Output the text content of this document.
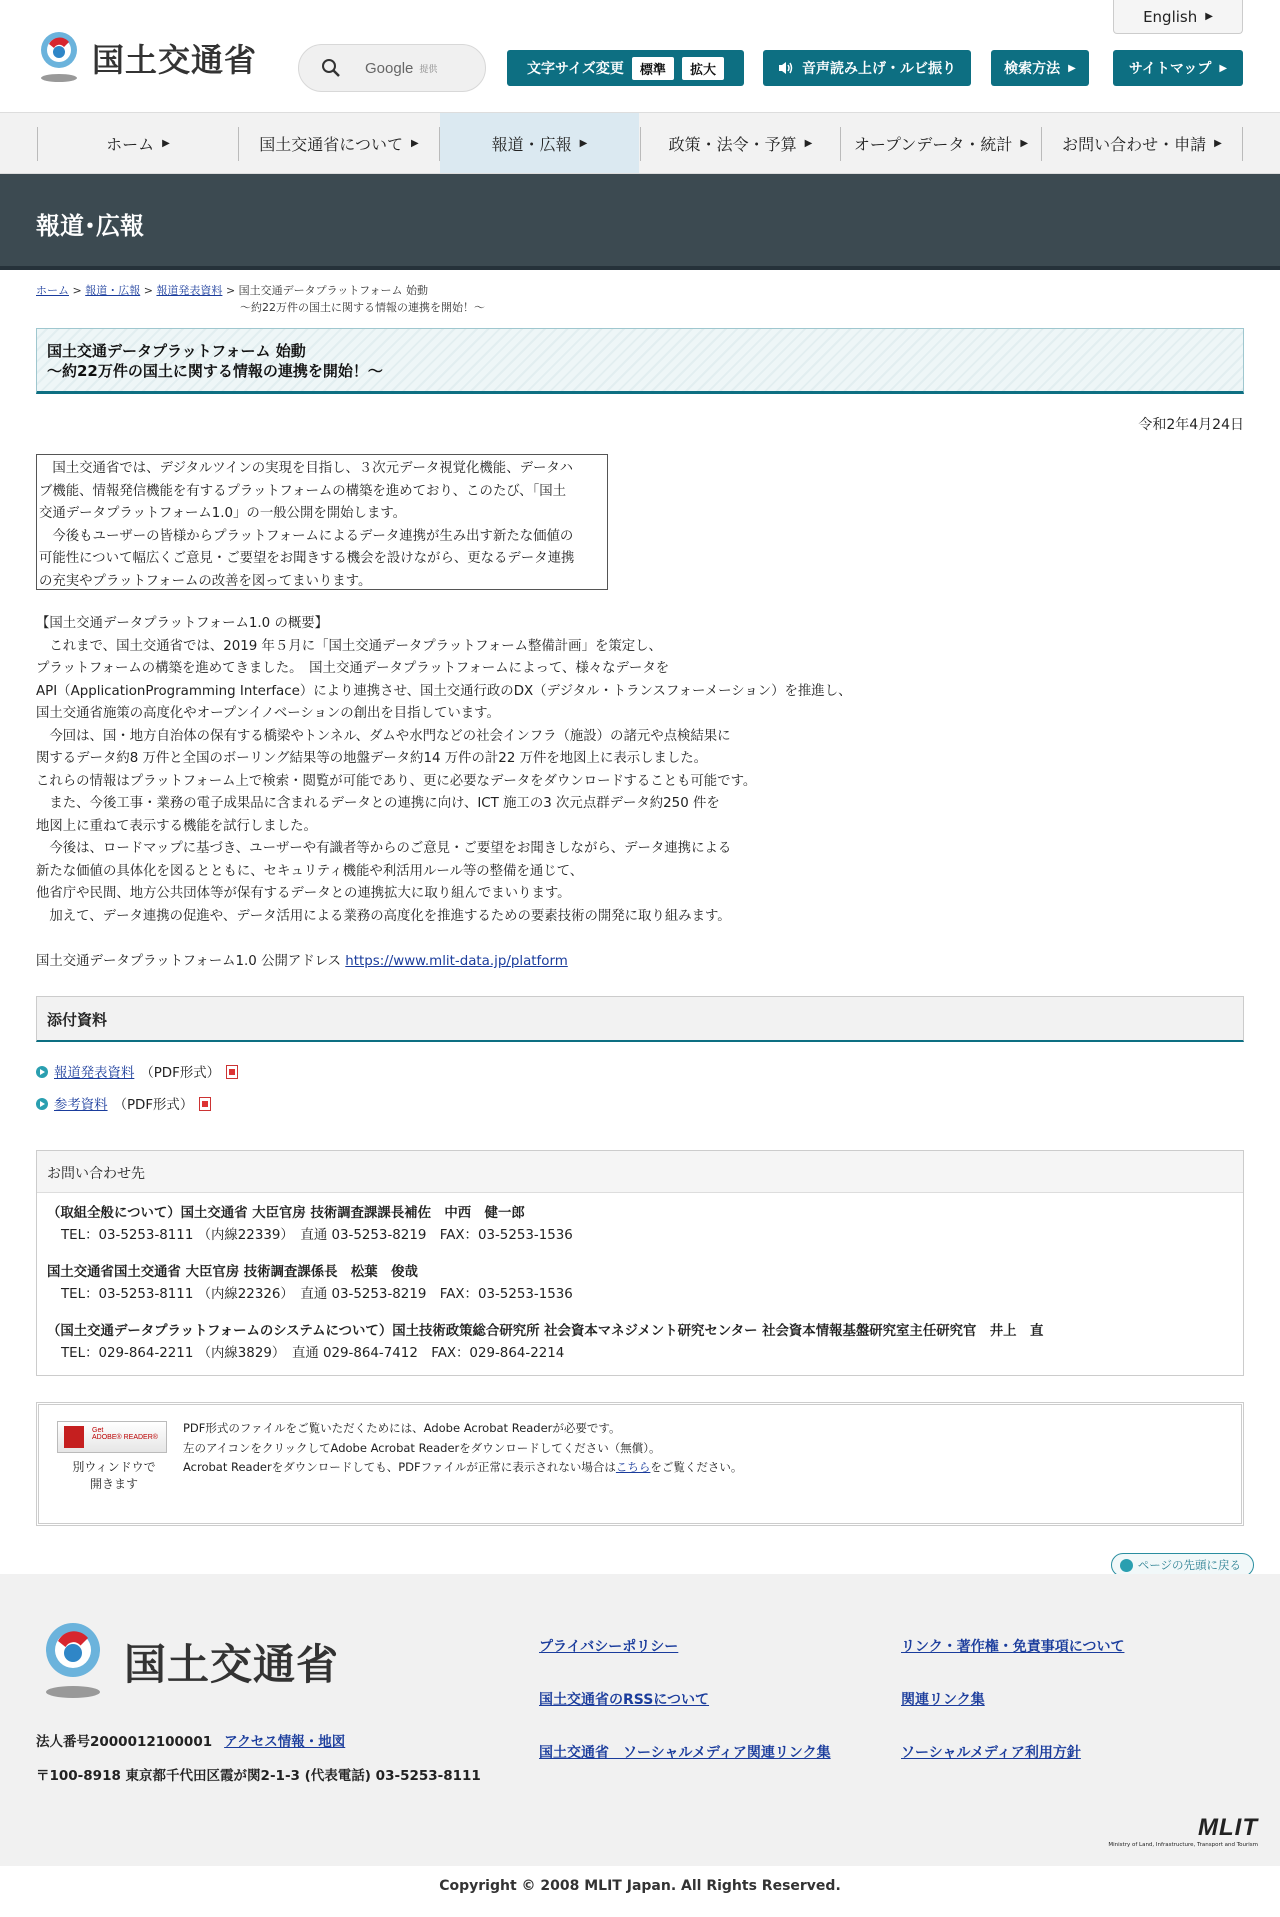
国土交通省	Google 提供
English ▶
文字サイズ変更	標準	拡大	音声読み上げ・ルビ振り	検索方法 ▶	サイトマップ ▶
ホーム ▶	国土交通省について ▶	報道・広報 ▶	政策・法令・予算 ▶	オープンデータ・統計 ▶ お問い合わせ・申請 ▶
報道･広報
ホーム > 報道・広報 > 報道発表資料 > 国土交通データプラットフォーム 始動
～約22万件の国土に関する情報の連携を開始！～
国土交通データプラットフォーム 始動
～約22万件の国土に関する情報の連携を開始！～
令和2年4月24日
　国土交通省では、デジタルツインの実現を目指し、３次元データ視覚化機能、データハ
ブ機能、情報発信機能を有するプラットフォームの構築を進めており、このたび、「国土
交通データプラットフォーム1.0」の一般公開を開始します。
　今後もユーザーの皆様からプラットフォームによるデータ連携が生み出す新たな価値の
可能性について幅広くご意見・ご要望をお聞きする機会を設けながら、更なるデータ連携
の充実やプラットフォームの改善を図ってまいります。

【国土交通データプラットフォーム1.0 の概要】

　これまで、国土交通省では、2019 年５月に「国土交通データプラットフォーム整備計画」を策定し、

プラットフォームの構築を進めてきました。　国土交通データプラットフォームによって、様々なデータを

API（ApplicationProgramming Interface）により連携させ、国土交通行政のDX（デジタル・トランスフォーメーション）を推進し、

国土交通省施策の高度化やオープンイノベーションの創出を目指しています。

　今回は、国・地方自治体の保有する橋梁やトンネル、ダムや水門などの社会インフラ（施設）の諸元や点検結果に

関するデータ約8 万件と全国のボーリング結果等の地盤データ約14 万件の計22 万件を地図上に表示しました。

これらの情報はプラットフォーム上で検索・閲覧が可能であり、更に必要なデータをダウンロードすることも可能です。

　また、今後工事・業務の電子成果品に含まれるデータとの連携に向け、ICT 施工の3 次元点群データ約250 件を

地図上に重ねて表示する機能を試行しました。

　今後は、ロードマップに基づき、ユーザーや有識者等からのご意見・ご要望をお聞きしながら、データ連携による

新たな価値の具体化を図るとともに、セキュリティ機能や利活用ルール等の整備を通じて、

他省庁や民間、地方公共団体等が保有するデータとの連携拡大に取り組んでまいります。

　加えて、データ連携の促進や、データ活用による業務の高度化を推進するための要素技術の開発に取り組みます。

国土交通データプラットフォーム1.0 公開アドレス https://www.mlit-data.jp/platform
添付資料
報道発表資料 （PDF形式）
参考資料 （PDF形式）
お問い合わせ先
（取組全般について）国土交通省 大臣官房 技術調査課課長補佐　中西　健一郎
TEL：03-5253-8111 （内線22339）　直通 03-5253-8219　FAX：03-5253-1536
国土交通省国土交通省 大臣官房 技術調査課係長　松葉　俊哉
TEL：03-5253-8111 （内線22326）　直通 03-5253-8219　FAX：03-5253-1536
（国土交通データプラットフォームのシステムについて）国土技術政策総合研究所 社会資本マネジメント研究センター 社会資本情報基盤研究室主任研究官　井上　直
TEL：029-864-2211 （内線3829）　直通 029-864-7412　FAX：029-864-2214
Get
ADOBE® READER®
別ウィンドウで
開きます
PDF形式のファイルをご覧いただくためには、Adobe Acrobat Readerが必要です。
左のアイコンをクリックしてAdobe Acrobat Readerをダウンロードしてください（無償）。
Acrobat Readerをダウンロードしても、PDFファイルが正常に表示されない場合はこちらをご覧ください。
ページの先頭に戻る
国土交通省
法人番号2000012100001 アクセス情報・地図
〒100-8918 東京都千代田区霞が関2-1-3 (代表電話) 03-5253-8111
プライバシーポリシー	リンク・著作権・免責事項について
国土交通省のRSSについて	関連リンク集
国土交通省　ソーシャルメディア関連リンク集	ソーシャルメディア利用方針
MLIT
Ministry of Land, Infrastructure, Transport and Tourism
Copyright © 2008 MLIT Japan. All Rights Reserved.
